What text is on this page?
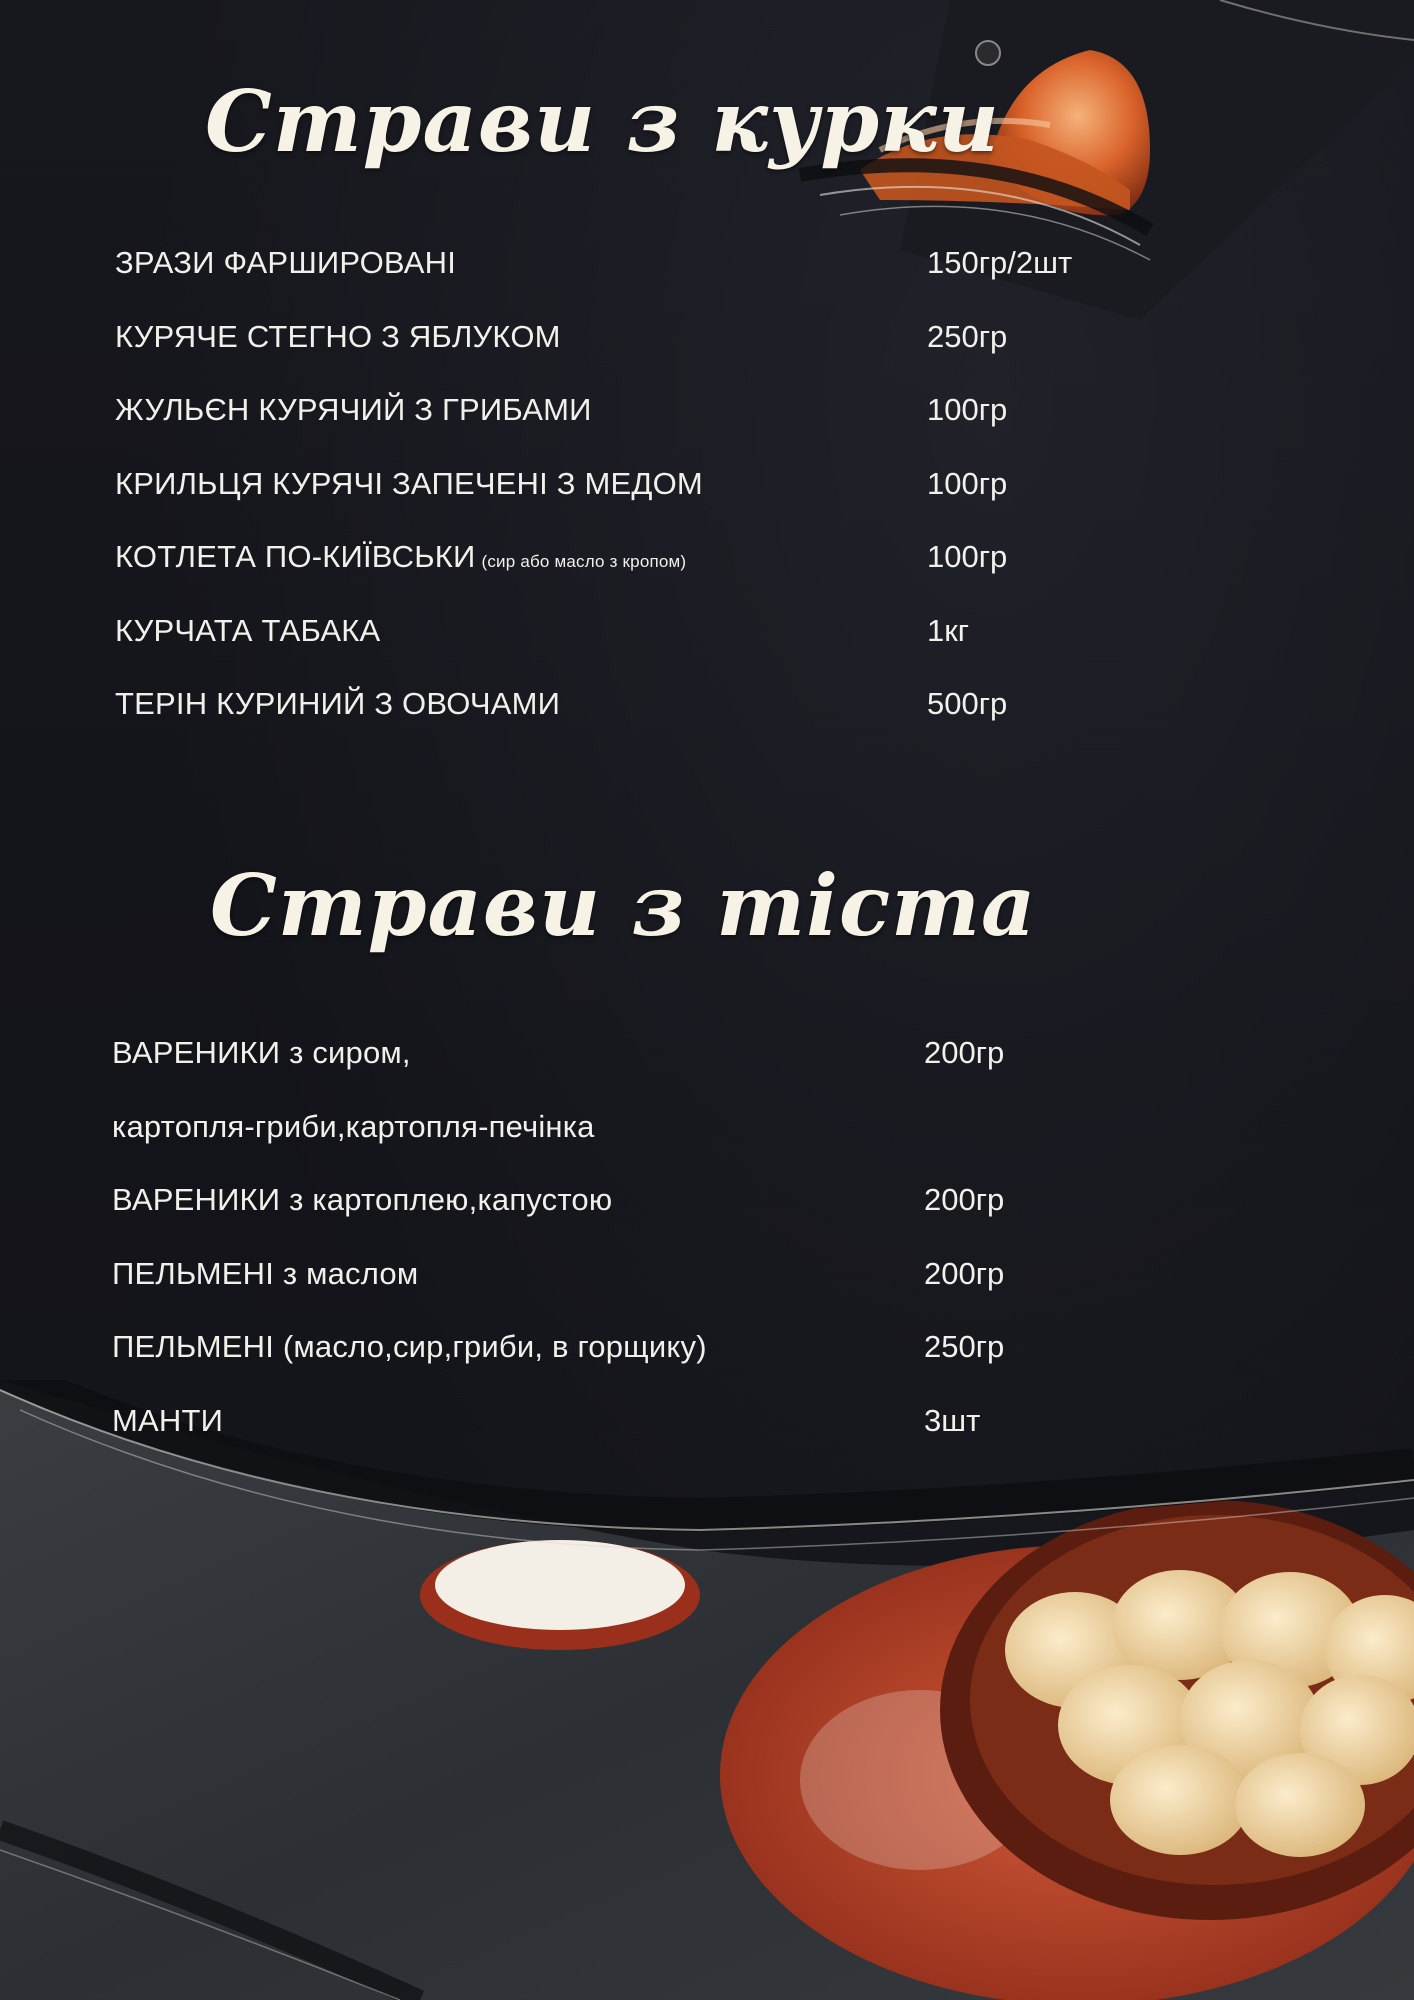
Страви з курки
ЗРАЗИ ФАРШИРОВАНІ	150гр/2шт
КУРЯЧЕ СТЕГНО З ЯБЛУКОМ	250гр
ЖУЛЬЄН КУРЯЧИЙ З ГРИБАМИ	100гр
КРИЛЬЦЯ КУРЯЧІ ЗАПЕЧЕНІ З МЕДОМ	100гр
КОТЛЕТА ПО-КИЇВСЬКИ (сир або масло з кропом)	100гр
КУРЧАТА ТАБАКА	1кг
ТЕРІН КУРИНИЙ З ОВОЧАМИ	500гр
Страви з тіста
ВАРЕНИКИ з сиром,	200гр
картопля-гриби,картопля-печінка
ВАРЕНИКИ з картоплею,капустою	200гр
ПЕЛЬМЕНІ з маслом	200гр
ПЕЛЬМЕНІ (масло,сир,гриби, в горщику)	250гр
МАНТИ	3шт
